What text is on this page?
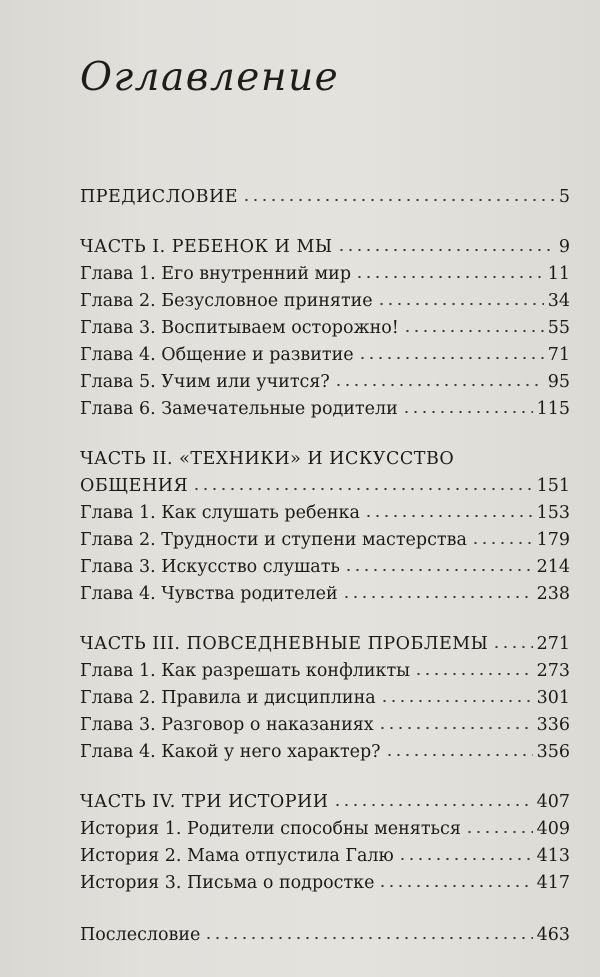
Оглавление
ПРЕДИСЛОВИЕ	5
ЧАСТЬ I. РЕБЕНОК И МЫ	9
Глава 1. Его внутренний мир	11
Глава 2. Безусловное принятие	34
Глава 3. Воспитываем осторожно!	55
Глава 4. Общение и развитие	71
Глава 5. Учим или учится?	95
Глава 6. Замечательные родители	115
ЧАСТЬ II. «ТЕХНИКИ» И ИСКУССТВО
ОБЩЕНИЯ	151
Глава 1. Как слушать ребенка	153
Глава 2. Трудности и ступени мастерства	179
Глава 3. Искусство слушать	214
Глава 4. Чувства родителей	238
ЧАСТЬ III. ПОВСЕДНЕВНЫЕ ПРОБЛЕМЫ	271
Глава 1. Как разрешать конфликты	273
Глава 2. Правила и дисциплина	301
Глава 3. Разговор о наказаниях	336
Глава 4. Какой у него характер?	356
ЧАСТЬ IV. ТРИ ИСТОРИИ	407
История 1. Родители способны меняться	409
История 2. Мама отпустила Галю	413
История 3. Письма о подростке	417
Послесловие	463
